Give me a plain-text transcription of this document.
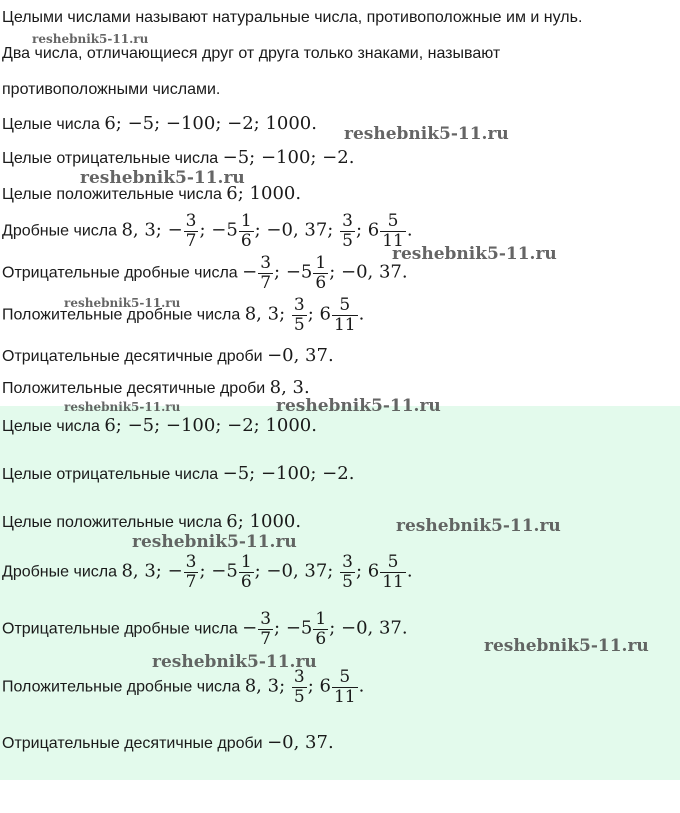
Целыми числами называют натуральные числа, противоположные им и нуль.
Два числа, отличающиеся друг от друга только знаками, называют
противоположными числами.
Целые числа 6; −5; −100; −2; 1000.
Целые отрицательные числа −5; −100; −2.
Целые положительные числа 6; 1000.
Дробные числа 8, 3; − $\frac{3}{7}$ ; $-5 \frac{1}{6}$ ; −0, 37; $\frac{3}{5}$ ; $6 \frac{5}{11}$ .
Отрицательные дробные числа − $\frac{3}{7}$ ; $-5 \frac{1}{6}$ ; −0, 37.
Положительные дробные числа 8, 3; $\frac{3}{5}$ ; $6 \frac{5}{11}$ .
Отрицательные десятичные дроби −0, 37.
Положительные десятичные дроби 8, 3.
Целые числа 6; −5; −100; −2; 1000.
Целые отрицательные числа −5; −100; −2.
Целые положительные числа 6; 1000.
Дробные числа 8, 3; − $\frac{3}{7}$ ; $-5 \frac{1}{6}$ ; −0, 37; $\frac{3}{5}$ ; $6 \frac{5}{11}$ .
Отрицательные дробные числа − $\frac{3}{7}$ ; $-5 \frac{1}{6}$ ; −0, 37.
Положительные дробные числа 8, 3; $\frac{3}{5}$ ; $6 \frac{5}{11}$ .
Отрицательные десятичные дроби −0, 37.
reshebnik5-11.ru
reshebnik5-11.ru
reshebnik5-11.ru
reshebnik5-11.ru
reshebnik5-11.ru
reshebnik5-11.ru	reshebnik5-11.ru
reshebnik5-11.ru
reshebnik5-11.ru
reshebnik5-11.ru
reshebnik5-11.ru
